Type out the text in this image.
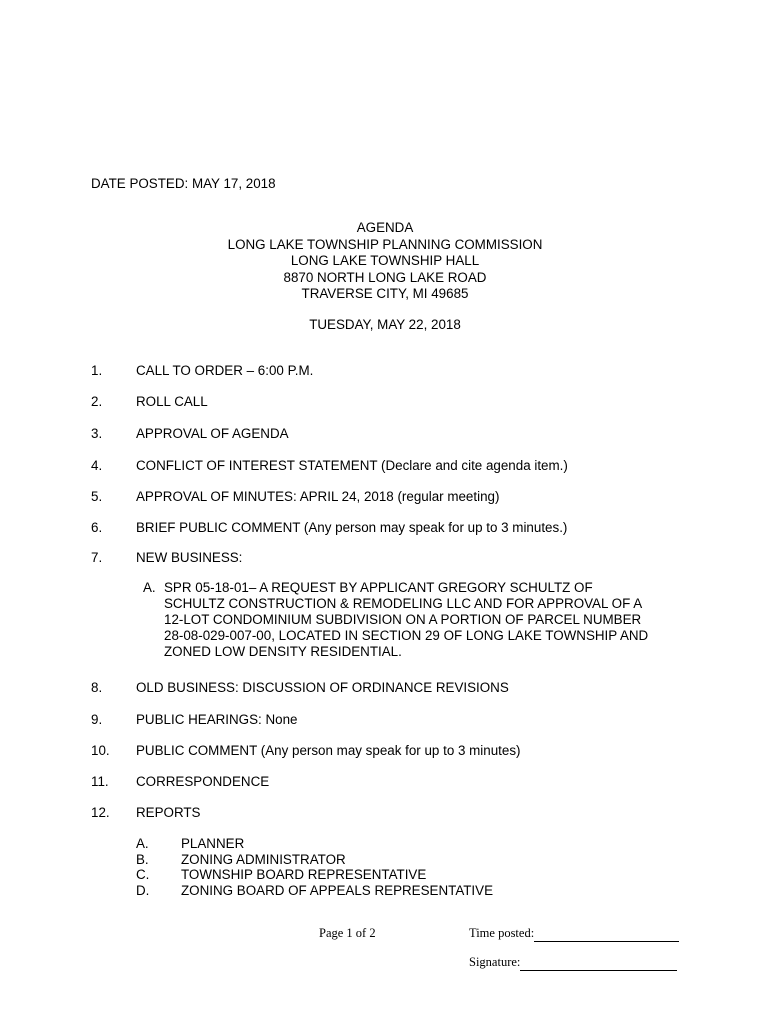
DATE POSTED: MAY 17, 2018
AGENDA
LONG LAKE TOWNSHIP PLANNING COMMISSION
LONG LAKE TOWNSHIP HALL
8870 NORTH LONG LAKE ROAD
TRAVERSE CITY, MI 49685
TUESDAY, MAY 22, 2018
1.	CALL TO ORDER – 6:00 P.M.
2.	ROLL CALL
3.	APPROVAL OF AGENDA
4.	CONFLICT OF INTEREST STATEMENT (Declare and cite agenda item.)
5.	APPROVAL OF MINUTES: APRIL 24, 2018 (regular meeting)
6.	BRIEF PUBLIC COMMENT (Any person may speak for up to 3 minutes.)
7.	NEW BUSINESS:
A. SPR 05-18-01– A REQUEST BY APPLICANT GREGORY SCHULTZ OF
SCHULTZ CONSTRUCTION & REMODELING LLC AND FOR APPROVAL OF A
12-LOT CONDOMINIUM SUBDIVISION ON A PORTION OF PARCEL NUMBER
28-08-029-007-00, LOCATED IN SECTION 29 OF LONG LAKE TOWNSHIP AND
ZONED LOW DENSITY RESIDENTIAL.
8.	OLD BUSINESS: DISCUSSION OF ORDINANCE REVISIONS
9.	PUBLIC HEARINGS: None
10. PUBLIC COMMENT (Any person may speak for up to 3 minutes)
11. CORRESPONDENCE
12. REPORTS
A. PLANNER
B. ZONING ADMINISTRATOR
C. TOWNSHIP BOARD REPRESENTATIVE
D. ZONING BOARD OF APPEALS REPRESENTATIVE
Page 1 of 2	Time posted:
Signature:
